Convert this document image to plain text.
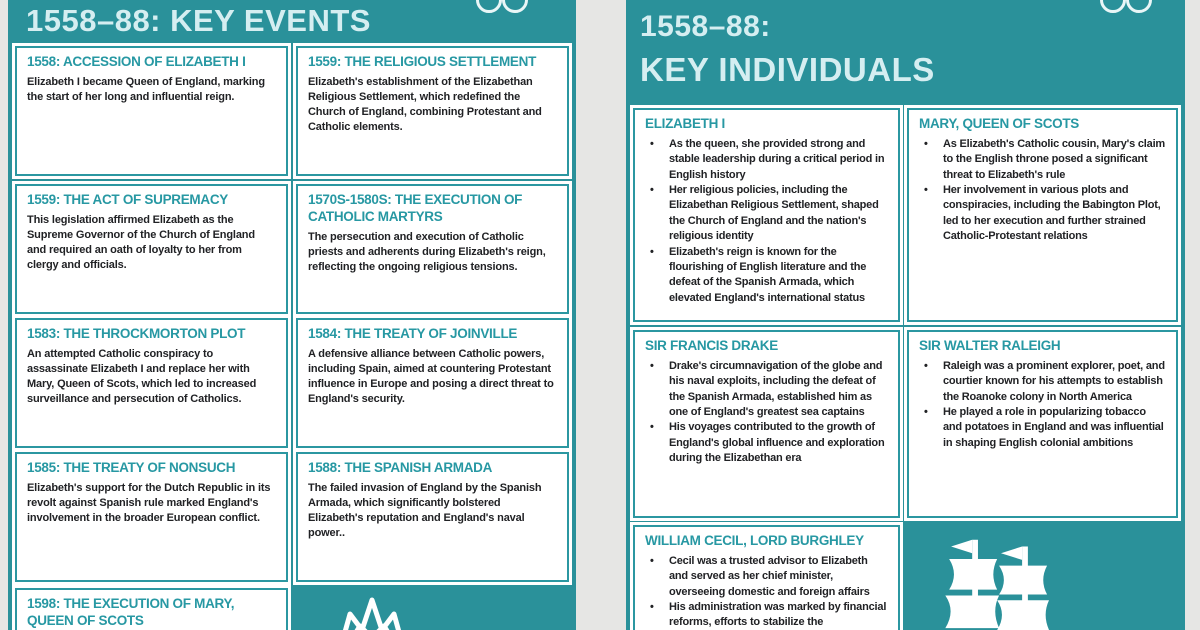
1558–88: KEY EVENTS
1558: ACCESSION OF ELIZABETH I
Elizabeth I became Queen of England, marking the start of her long and influential reign.
1559: THE RELIGIOUS SETTLEMENT
Elizabeth's establishment of the Elizabethan Religious Settlement, which redefined the Church of England, combining Protestant and Catholic elements.
1559: THE ACT OF SUPREMACY
This legislation affirmed Elizabeth as the Supreme Governor of the Church of England and required an oath of loyalty to her from clergy and officials.
1570S-1580S: THE EXECUTION OF CATHOLIC MARTYRS
The persecution and execution of Catholic priests and adherents during Elizabeth's reign, reflecting the ongoing religious tensions.
1583: THE THROCKMORTON PLOT
An attempted Catholic conspiracy to assassinate Elizabeth I and replace her with Mary, Queen of Scots, which led to increased surveillance and persecution of Catholics.
1584: THE TREATY OF JOINVILLE
A defensive alliance between Catholic powers, including Spain, aimed at countering Protestant influence in Europe and posing a direct threat to England's security.
1585: THE TREATY OF NONSUCH
Elizabeth's support for the Dutch Republic in its revolt against Spanish rule marked England's involvement in the broader European conflict.
1588: THE SPANISH ARMADA
The failed invasion of England by the Spanish Armada, which significantly bolstered Elizabeth's reputation and England's naval power..
1598: THE EXECUTION OF MARY, QUEEN OF SCOTS
1558–88:
KEY INDIVIDUALS
ELIZABETH I
•	As the queen, she provided strong and stable leadership during a critical period in English history
•	Her religious policies, including the Elizabethan Religious Settlement, shaped the Church of England and the nation's religious identity
•	Elizabeth's reign is known for the flourishing of English literature and the defeat of the Spanish Armada, which elevated England's international status
MARY, QUEEN OF SCOTS
•	As Elizabeth's Catholic cousin, Mary's claim to the English throne posed a significant threat to Elizabeth's rule
•	Her involvement in various plots and conspiracies, including the Babington Plot, led to her execution and further strained Catholic-Protestant relations
SIR FRANCIS DRAKE
•	Drake's circumnavigation of the globe and his naval exploits, including the defeat of the Spanish Armada, established him as one of England's greatest sea captains
•	His voyages contributed to the growth of England's global influence and exploration during the Elizabethan era
SIR WALTER RALEIGH
•	Raleigh was a prominent explorer, poet, and courtier known for his attempts to establish the Roanoke colony in North America
•	He played a role in popularizing tobacco and potatoes in England and was influential in shaping English colonial ambitions
WILLIAM CECIL, LORD BURGHLEY
•	Cecil was a trusted advisor to Elizabeth and served as her chief minister, overseeing domestic and foreign affairs
•	His administration was marked by financial reforms, efforts to stabilize the
